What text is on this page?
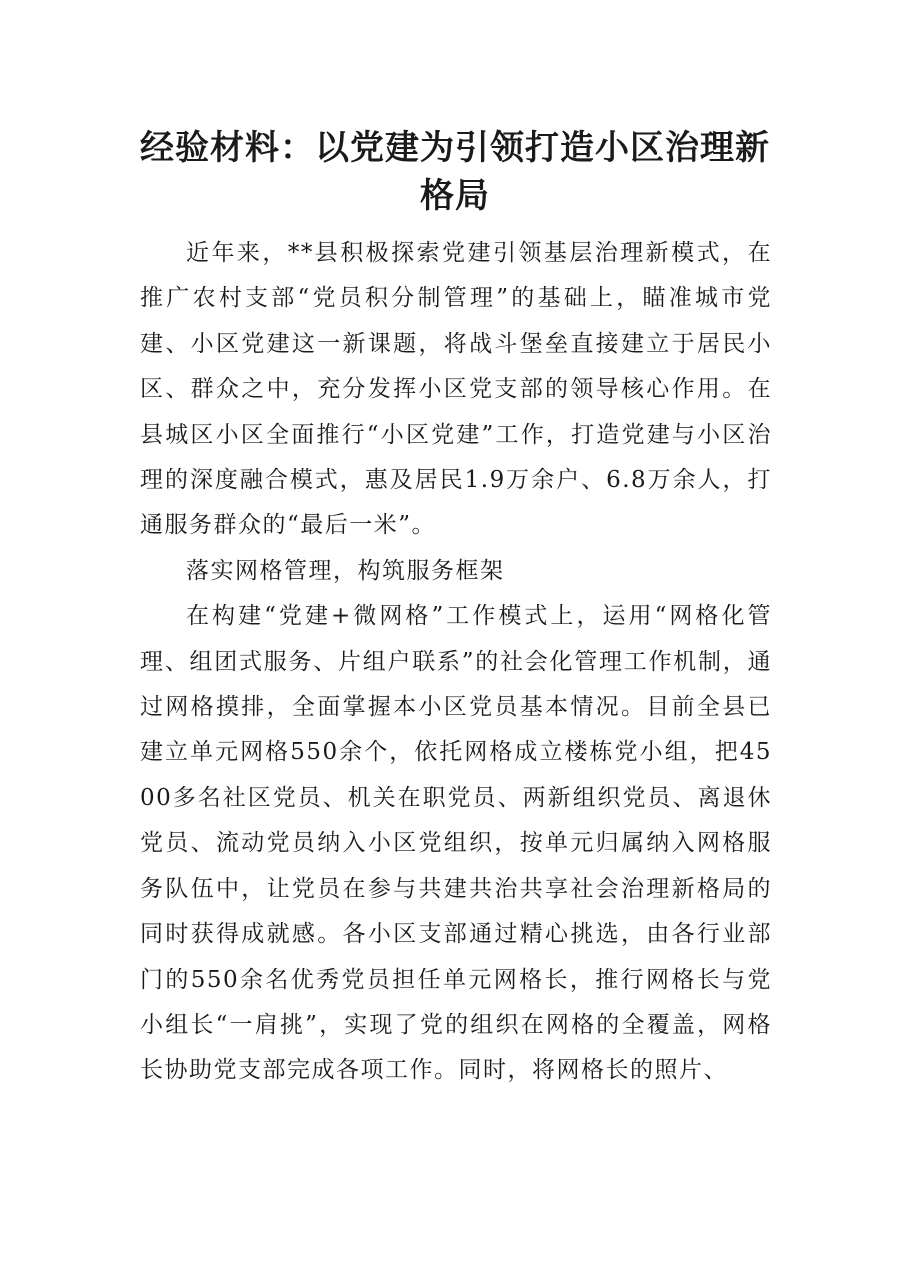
经验材料：以党建为引领打造小区治理新格局

近年来，**县积极探索党建引领基层治理新模式，在推广农村支部“党员积分制管理”的基础上，瞄准城市党建、小区党建这一新课题，将战斗堡垒直接建立于居民小区、群众之中，充分发挥小区党支部的领导核心作用。在县城区小区全面推行“小区党建”工作，打造党建与小区治理的深度融合模式，惠及居民1.9万余户、6.8万余人，打通服务群众的“最后一米”。

落实网格管理，构筑服务框架

在构建“党建+微网格”工作模式上，运用“网格化管理、组团式服务、片组户联系”的社会化管理工作机制，通过网格摸排，全面掌握本小区党员基本情况。目前全县已建立单元网格550余个，依托网格成立楼栋党小组，把4500多名社区党员、机关在职党员、两新组织党员、离退休党员、流动党员纳入小区党组织，按单元归属纳入网格服务队伍中，让党员在参与共建共治共享社会治理新格局的同时获得成就感。各小区支部通过精心挑选，由各行业部门的550余名优秀党员担任单元网格长，推行网格长与党小组长“一肩挑”，实现了党的组织在网格的全覆盖，网格长协助党支部完成各项工作。同时，将网格长的照片、
